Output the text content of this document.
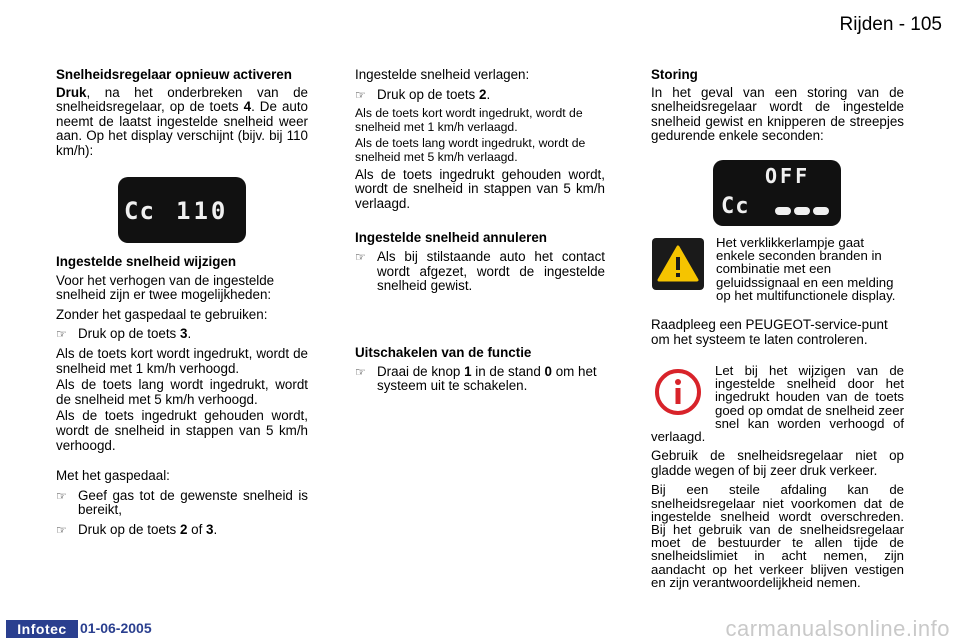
Rijden - 105

Snelheidsregelaar opnieuw activeren

Druk, na het onderbreken van de snelheidsregelaar, op de toets 4. De auto neemt de laatst ingestelde snelheid weer aan. Op het display verschijnt (bijv. bij 110 km/h):

Cc 110

Ingestelde snelheid wijzigen

Voor het verhogen van de ingestelde snelheid zijn er twee mogelijkheden:

Zonder het gaspedaal te gebruiken:

☞ Druk op de toets 3.

Als de toets kort wordt ingedrukt, wordt de snelheid met 1 km/h verhoogd.

Als de toets lang wordt ingedrukt, wordt de snelheid met 5 km/h verhoogd.

Als de toets ingedrukt gehouden wordt, wordt de snelheid in stappen van 5 km/h verhoogd.

Met het gaspedaal:

☞ Geef gas tot de gewenste snelheid is bereikt,
☞ Druk op de toets 2 of 3.

Ingestelde snelheid verlagen:

☞ Druk op de toets 2.

Als de toets kort wordt ingedrukt, wordt de snelheid met 1 km/h verlaagd.

Als de toets lang wordt ingedrukt, wordt de snelheid met 5 km/h verlaagd.

Als de toets ingedrukt gehouden wordt, wordt de snelheid in stappen van 5 km/h verlaagd.

Ingestelde snelheid annuleren

☞ Als bij stilstaande auto het contact wordt afgezet, wordt de ingestelde snelheid gewist.

Uitschakelen van de functie

☞ Draai de knop 1 in de stand 0 om het systeem uit te schakelen.

Storing

In het geval van een storing van de snelheidsregelaar wordt de ingestelde snelheid gewist en knipperen de streepjes gedurende enkele seconden:

OFF
Cc
Het verklikkerlampje gaat enkele seconden branden in combinatie met een geluidssignaal en een melding op het multifunctionele display.
Raadpleeg een PEUGEOT-service-punt om het systeem te laten controleren.

Let bij het wijzigen van de ingestelde snelheid door het ingedrukt houden van de toets goed op omdat de snelheid zeer snel kan worden verhoogd of verlaagd.

Gebruik de snelheidsregelaar niet op gladde wegen of bij zeer druk verkeer.

Bij een steile afdaling kan de snelheidsregelaar niet voorkomen dat de ingestelde snelheid wordt overschreden. Bij het gebruik van de snelheidsregelaar moet de bestuurder te allen tijde de snelheidslimiet in acht nemen, zijn aandacht op het verkeer blijven vestigen en zijn verantwoordelijkheid nemen.

Infotec 01-06-2005	carmanualsonline.info
